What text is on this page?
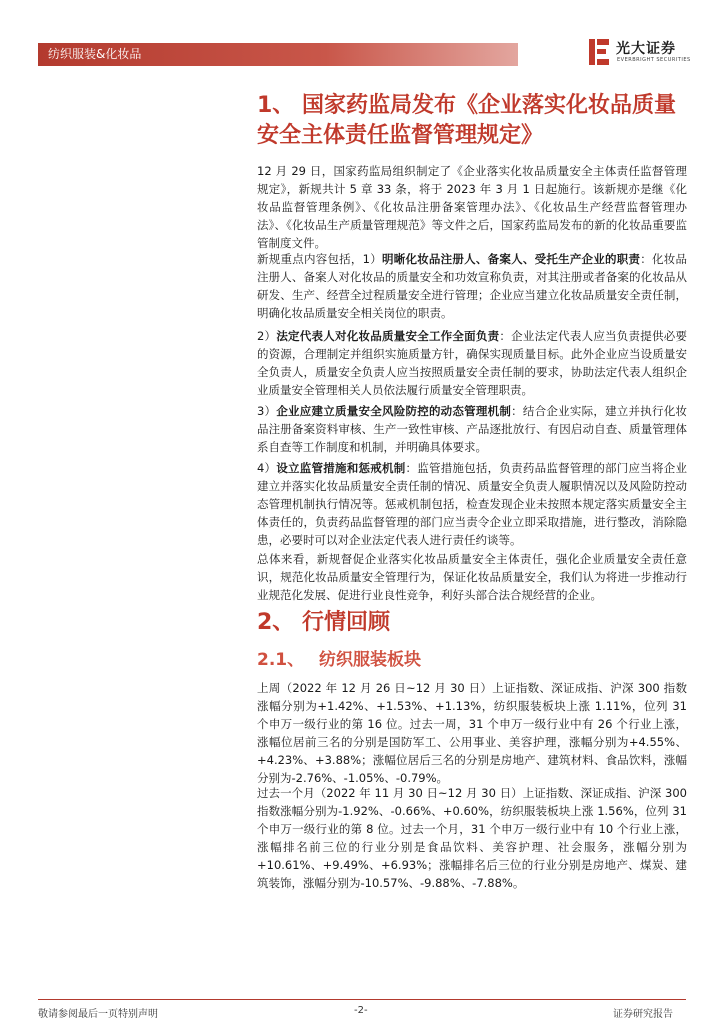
纺织服装&化妆品	光大证券
EVERBRIGHT SECURITIES
1、 国家药监局发布《企业落实化妆品质量安全主体责任监督管理规定》

12 月 29 日，国家药监局组织制定了《企业落实化妆品质量安全主体责任监督管理规定》，新规共计 5 章 33 条，将于 2023 年 3 月 1 日起施行。该新规亦是继《化妆品监督管理条例》、《化妆品注册备案管理办法》、《化妆品生产经营监督管理办法》、《化妆品生产质量管理规范》等文件之后，国家药监局发布的新的化妆品重要监管制度文件。

新规重点内容包括，1）明晰化妆品注册人、备案人、受托生产企业的职责：化妆品注册人、备案人对化妆品的质量安全和功效宣称负责，对其注册或者备案的化妆品从研发、生产、经营全过程质量安全进行管理；企业应当建立化妆品质量安全责任制，明确化妆品质量安全相关岗位的职责。

2）法定代表人对化妆品质量安全工作全面负责：企业法定代表人应当负责提供必要的资源，合理制定并组织实施质量方针，确保实现质量目标。此外企业应当设质量安全负责人，质量安全负责人应当按照质量安全责任制的要求，协助法定代表人组织企业质量安全管理相关人员依法履行质量安全管理职责。

3）企业应建立质量安全风险防控的动态管理机制：结合企业实际，建立并执行化妆品注册备案资料审核、生产一致性审核、产品逐批放行、有因启动自查、质量管理体系自查等工作制度和机制，并明确具体要求。

4）设立监管措施和惩戒机制：监管措施包括，负责药品监督管理的部门应当将企业建立并落实化妆品质量安全责任制的情况、质量安全负责人履职情况以及风险防控动态管理机制执行情况等。惩戒机制包括，检查发现企业未按照本规定落实质量安全主体责任的，负责药品监督管理的部门应当责令企业立即采取措施，进行整改，消除隐患，必要时可以对企业法定代表人进行责任约谈等。

总体来看，新规督促企业落实化妆品质量安全主体责任，强化企业质量安全责任意识，规范化妆品质量安全管理行为，保证化妆品质量安全，我们认为将进一步推动行业规范化发展、促进行业良性竞争，利好头部合法合规经营的企业。

2、 行情回顾
2.1、 纺织服装板块

上周（2022 年 12 月 26 日~12 月 30 日）上证指数、深证成指、沪深 300 指数涨幅分别为+1.42%、+1.53%、+1.13%，纺织服装板块上涨 1.11%，位列 31 个申万一级行业的第 16 位。过去一周，31 个申万一级行业中有 26 个行业上涨，涨幅位居前三名的分别是国防军工、公用事业、美容护理，涨幅分别为+4.55%、+4.23%、+3.88%；涨幅位居后三名的分别是房地产、建筑材料、食品饮料，涨幅分别为-2.76%、-1.05%、-0.79%。

过去一个月（2022 年 11 月 30 日~12 月 30 日）上证指数、深证成指、沪深 300 指数涨幅分别为-1.92%、-0.66%、+0.60%，纺织服装板块上涨 1.56%，位列 31 个申万一级行业的第 8 位。过去一个月，31 个申万一级行业中有 10 个行业上涨，涨幅排名前三位的行业分别是食品饮料、美容护理、社会服务，涨幅分别为+10.61%、+9.49%、+6.93%；涨幅排名后三位的行业分别是房地产、煤炭、建筑装饰，涨幅分别为-10.57%、-9.88%、-7.88%。

敬请参阅最后一页特别声明	-2-	证券研究报告
